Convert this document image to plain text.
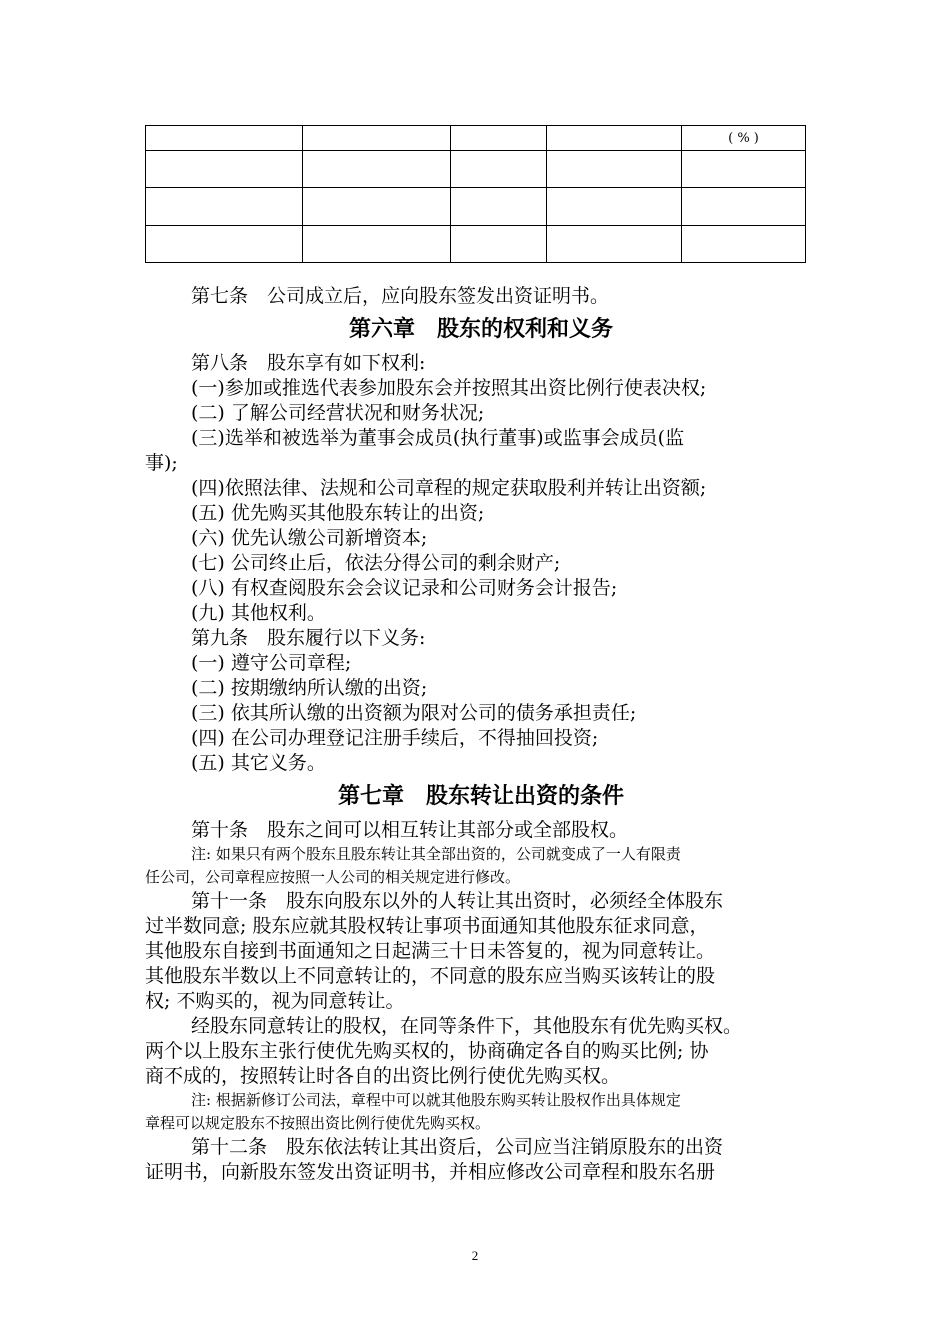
				( % )

第七条　公司成立后，应向股东签发出资证明书。
第六章　股东的权利和义务
第八条　股东享有如下权利:
(一)参加或推选代表参加股东会并按照其出资比例行使表决权;
(二) 了解公司经营状况和财务状况;
(三)选举和被选举为董事会成员(执行董事)或监事会成员(监
事);
(四)依照法律、法规和公司章程的规定获取股利并转让出资额;
(五) 优先购买其他股东转让的出资;
(六) 优先认缴公司新增资本;
(七) 公司终止后，依法分得公司的剩余财产;
(八) 有权查阅股东会会议记录和公司财务会计报告;
(九) 其他权利。
第九条　股东履行以下义务:
(一) 遵守公司章程;
(二) 按期缴纳所认缴的出资;
(三) 依其所认缴的出资额为限对公司的债务承担责任;
(四) 在公司办理登记注册手续后，不得抽回投资;
(五) 其它义务。
第七章　股东转让出资的条件
第十条　股东之间可以相互转让其部分或全部股权。
注: 如果只有两个股东且股东转让其全部出资的，公司就变成了一人有限责
任公司，公司章程应按照一人公司的相关规定进行修改。
第十一条　股东向股东以外的人转让其出资时，必须经全体股东
过半数同意; 股东应就其股权转让事项书面通知其他股东征求同意，
其他股东自接到书面通知之日起满三十日未答复的，视为同意转让。
其他股东半数以上不同意转让的，不同意的股东应当购买该转让的股
权; 不购买的，视为同意转让。
经股东同意转让的股权，在同等条件下，其他股东有优先购买权。
两个以上股东主张行使优先购买权的，协商确定各自的购买比例; 协
商不成的，按照转让时各自的出资比例行使优先购买权。
注: 根据新修订公司法，章程中可以就其他股东购买转让股权作出具体规定
章程可以规定股东不按照出资比例行使优先购买权。
第十二条　股东依法转让其出资后，公司应当注销原股东的出资
证明书，向新股东签发出资证明书，并相应修改公司章程和股东名册
2
